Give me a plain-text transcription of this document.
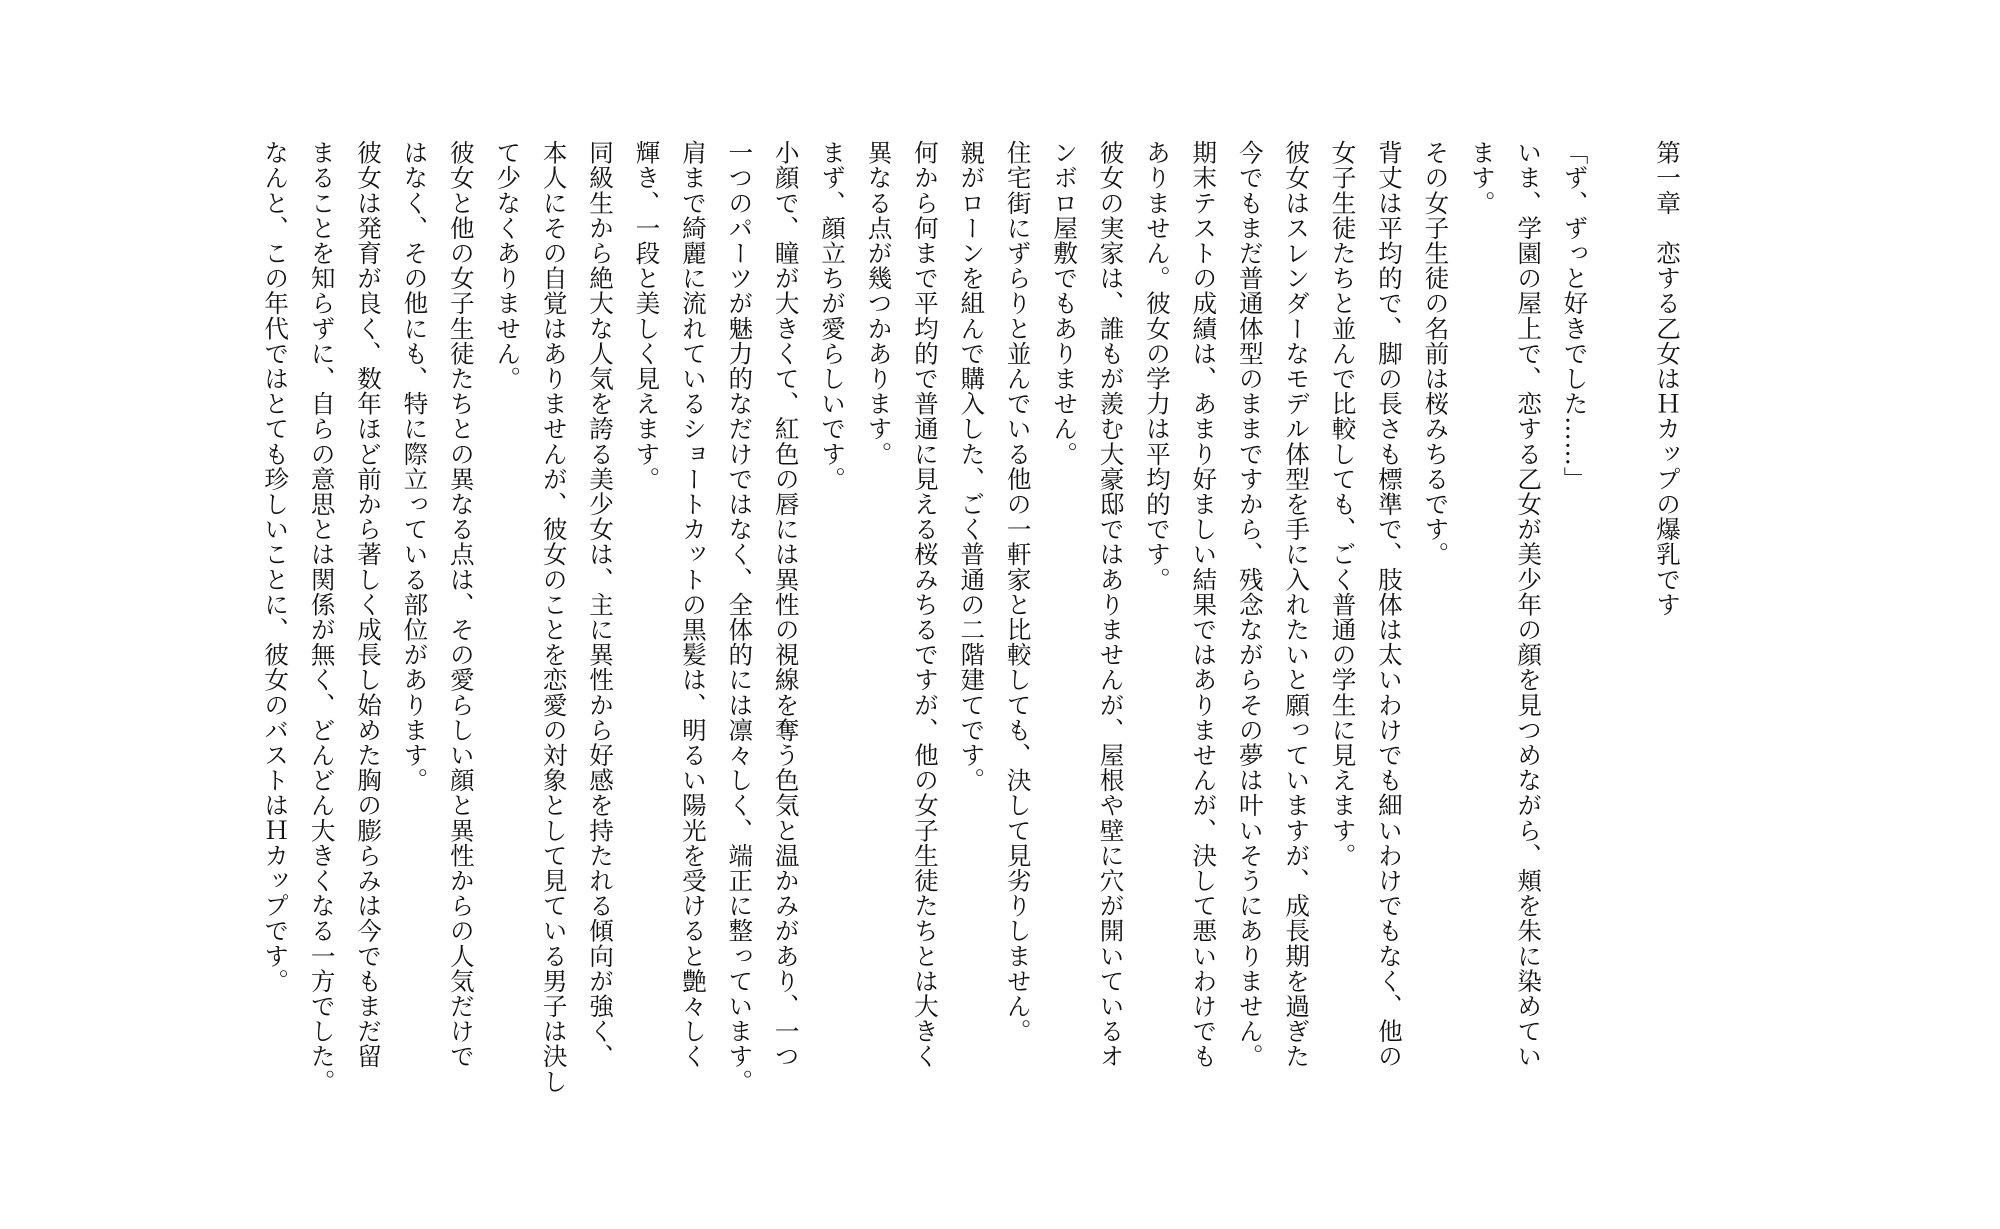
第一章　恋する乙女はＨカップの爆乳です
「ず、ずっと好きでした……」
いま、学園の屋上で、恋する乙女が美少年の顔を見つめながら、頬を朱に染めてい
ます。
その女子生徒の名前は桜みちるです。
背丈は平均的で、脚の長さも標準で、肢体は太いわけでも細いわけでもなく、他の
女子生徒たちと並んで比較しても、ごく普通の学生に見えます。
彼女はスレンダーなモデル体型を手に入れたいと願っていますが、成長期を過ぎた
今でもまだ普通体型のままですから、残念ながらその夢は叶いそうにありません。
期末テストの成績は、あまり好ましい結果ではありませんが、決して悪いわけでも
ありません。彼女の学力は平均的です。
彼女の実家は、誰もが羨む大豪邸ではありませんが、屋根や壁に穴が開いているオ
ンボロ屋敷でもありません。
住宅街にずらりと並んでいる他の一軒家と比較しても、決して見劣りしません。
親がローンを組んで購入した、ごく普通の二階建てです。
何から何まで平均的で普通に見える桜みちるですが、他の女子生徒たちとは大きく
異なる点が幾つかあります。
まず、顔立ちが愛らしいです。
小顔で、瞳が大きくて、紅色の唇には異性の視線を奪う色気と温かみがあり、一つ
一つのパーツが魅力的なだけではなく、全体的には凛々しく、端正に整っています。
肩まで綺麗に流れているショートカットの黒髪は、明るい陽光を受けると艶々しく
輝き、一段と美しく見えます。
同級生から絶大な人気を誇る美少女は、主に異性から好感を持たれる傾向が強く、
本人にその自覚はありませんが、彼女のことを恋愛の対象として見ている男子は決し
て少なくありません。
彼女と他の女子生徒たちとの異なる点は、その愛らしい顔と異性からの人気だけで
はなく、その他にも、特に際立っている部位があります。
彼女は発育が良く、数年ほど前から著しく成長し始めた胸の膨らみは今でもまだ留
まることを知らずに、自らの意思とは関係が無く、どんどん大きくなる一方でした。
なんと、この年代ではとても珍しいことに、彼女のバストはＨカップです。
